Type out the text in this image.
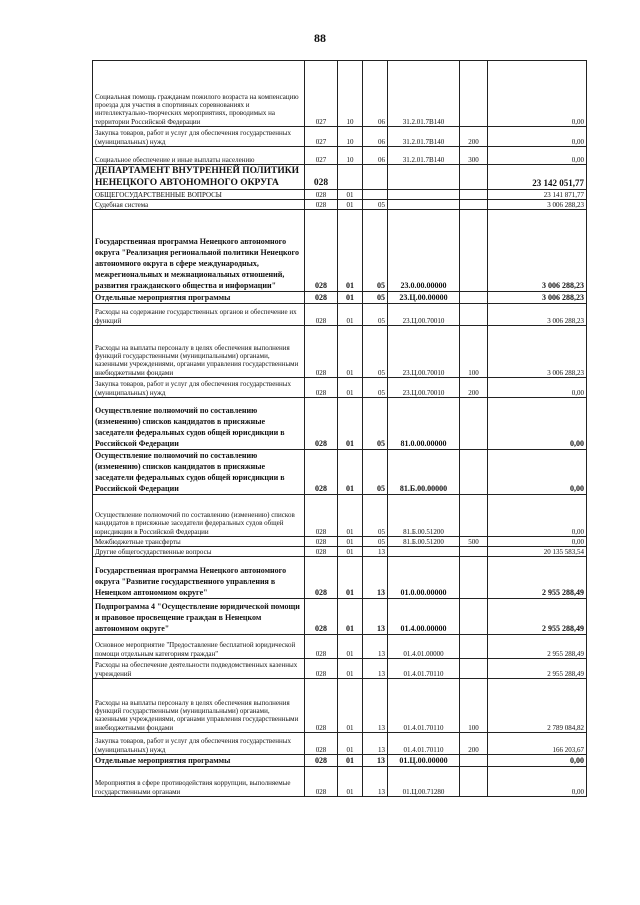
88
Социальная помощь гражданам пожилого возраста на компенсацию проезда для участия в спортивных соревнованиях и интеллектуально-творческих мероприятиях, проводимых на территории Российской Федерации	027	10	06	31.2.01.7В140		0,00
Закупка товаров, работ и услуг для обеспечения государственных (муниципальных) нужд	027	10	06	31.2.01.7В140	200	0,00
Социальное обеспечение и иные выплаты населению	027	10	06	31.2.01.7В140	300	0,00
ДЕПАРТАМЕНТ ВНУТРЕННЕЙ ПОЛИТИКИ НЕНЕЦКОГО АВТОНОМНОГО ОКРУГА	028					23 142 051,77
ОБЩЕГОСУДАРСТВЕННЫЕ ВОПРОСЫ	028	01				23 141 871,77
Судебная система	028	01	05			3 006 288,23
Государственная программа Ненецкого автономного округа "Реализация региональной политики Ненецкого автономного округа в сфере международных, межрегиональных и межнациональных отношений, развития гражданского общества и информации"	028	01	05	23.0.00.00000		3 006 288,23
Отдельные мероприятия программы	028	01	05	23.Ц.00.00000		3 006 288,23
Расходы на содержание государственных органов и обеспечение их функций	028	01	05	23.Ц.00.70010		3 006 288,23
Расходы на выплаты персоналу в целях обеспечения выполнения функций государственными (муниципальными) органами, казенными учреждениями, органами управления государственными внебюджетными фондами	028	01	05	23.Ц.00.70010	100	3 006 288,23
Закупка товаров, работ и услуг для обеспечения государственных (муниципальных) нужд	028	01	05	23.Ц.00.70010	200	0,00
Осуществление полномочий по составлению (изменению) списков кандидатов в присяжные заседатели федеральных судов общей юрисдикции в Российской Федерации	028	01	05	81.0.00.00000		0,00
Осуществление полномочий по составлению (изменению) списков кандидатов в присяжные заседатели федеральных судов общей юрисдикции в Российской Федерации	028	01	05	81.Б.00.00000		0,00
Осуществление полномочий по составлению (изменению) списков кандидатов в присяжные заседатели федеральных судов общей юрисдикции в Российской Федерации	028	01	05	81.Б.00.51200		0,00
Межбюджетные трансферты	028	01	05	81.Б.00.51200	500	0,00
Другие общегосударственные вопросы	028	01	13			20 135 583,54
Государственная программа Ненецкого автономного округа "Развитие государственного управления в Ненецком автономном округе"	028	01	13	01.0.00.00000		2 955 288,49
Подпрограмма 4 "Осуществление юридической помощи и правовое просвещение граждан в Ненецком автономном округе"	028	01	13	01.4.00.00000		2 955 288,49
Основное мероприятие "Предоставление бесплатной юридической помощи отдельным категориям граждан"	028	01	13	01.4.01.00000		2 955 288,49
Расходы на обеспечение деятельности подведомственных казенных учреждений	028	01	13	01.4.01.70110		2 955 288,49
Расходы на выплаты персоналу в целях обеспечения выполнения функций государственными (муниципальными) органами, казенными учреждениями, органами управления государственными внебюджетными фондами	028	01	13	01.4.01.70110	100	2 789 084,82
Закупка товаров, работ и услуг для обеспечения государственных (муниципальных) нужд	028	01	13	01.4.01.70110	200	166 203,67
Отдельные мероприятия программы	028	01	13	01.Ц.00.00000		0,00
Мероприятия в сфере противодействия коррупции, выполняемые государственными органами	028	01	13	01.Ц.00.71280		0,00
